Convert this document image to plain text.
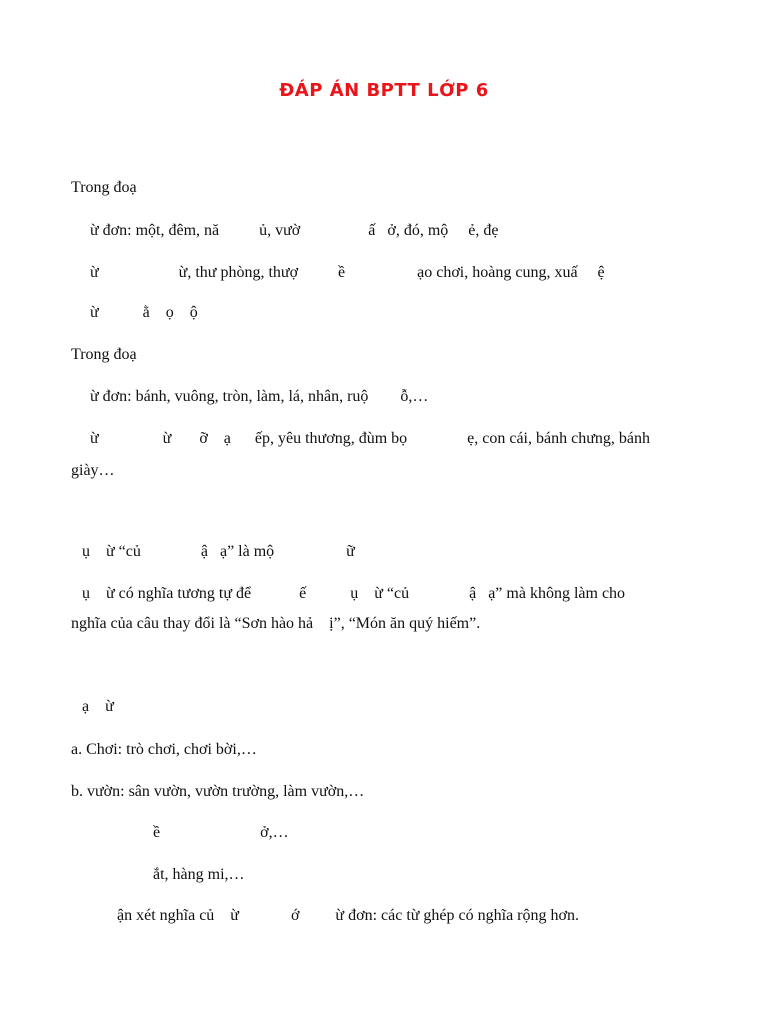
ĐÁP ÁN BPTT LỚP 6
Trong đoạ
ừ đơn: một, đêm, nă          ủ, vườ                 ấ   ở, đó, mộ     ẻ, đẹ
ừ                    ừ, thư phòng, thượ          ề                  ạo chơi, hoàng cung, xuấ     ệ
ừ           ằ    ọ    ộ
Trong đoạ
ừ đơn: bánh, vuông, tròn, làm, lá, nhân, ruộ        ỗ,…
ừ                ừ       ỡ    ạ      ếp, yêu thương, đùm bọ               ẹ, con cái, bánh chưng, bánh
giày…
ụ    ừ “củ               ậ   ạ” là mộ                  ữ
ụ    ừ có nghĩa tương tự để            ế           ụ    ừ “củ               ậ   ạ” mà không làm cho
nghĩa của câu thay đổi là “Sơn hào hả    ị”, “Món ăn quý hiếm”.
ạ    ừ
a. Chơi: trò chơi, chơi bời,…
b. vườn: sân vườn, vườn trường, làm vườn,…
ề                         ở,…
ắt, hàng mi,…
ận xét nghĩa củ    ừ             ớ         ừ đơn: các từ ghép có nghĩa rộng hơn.
